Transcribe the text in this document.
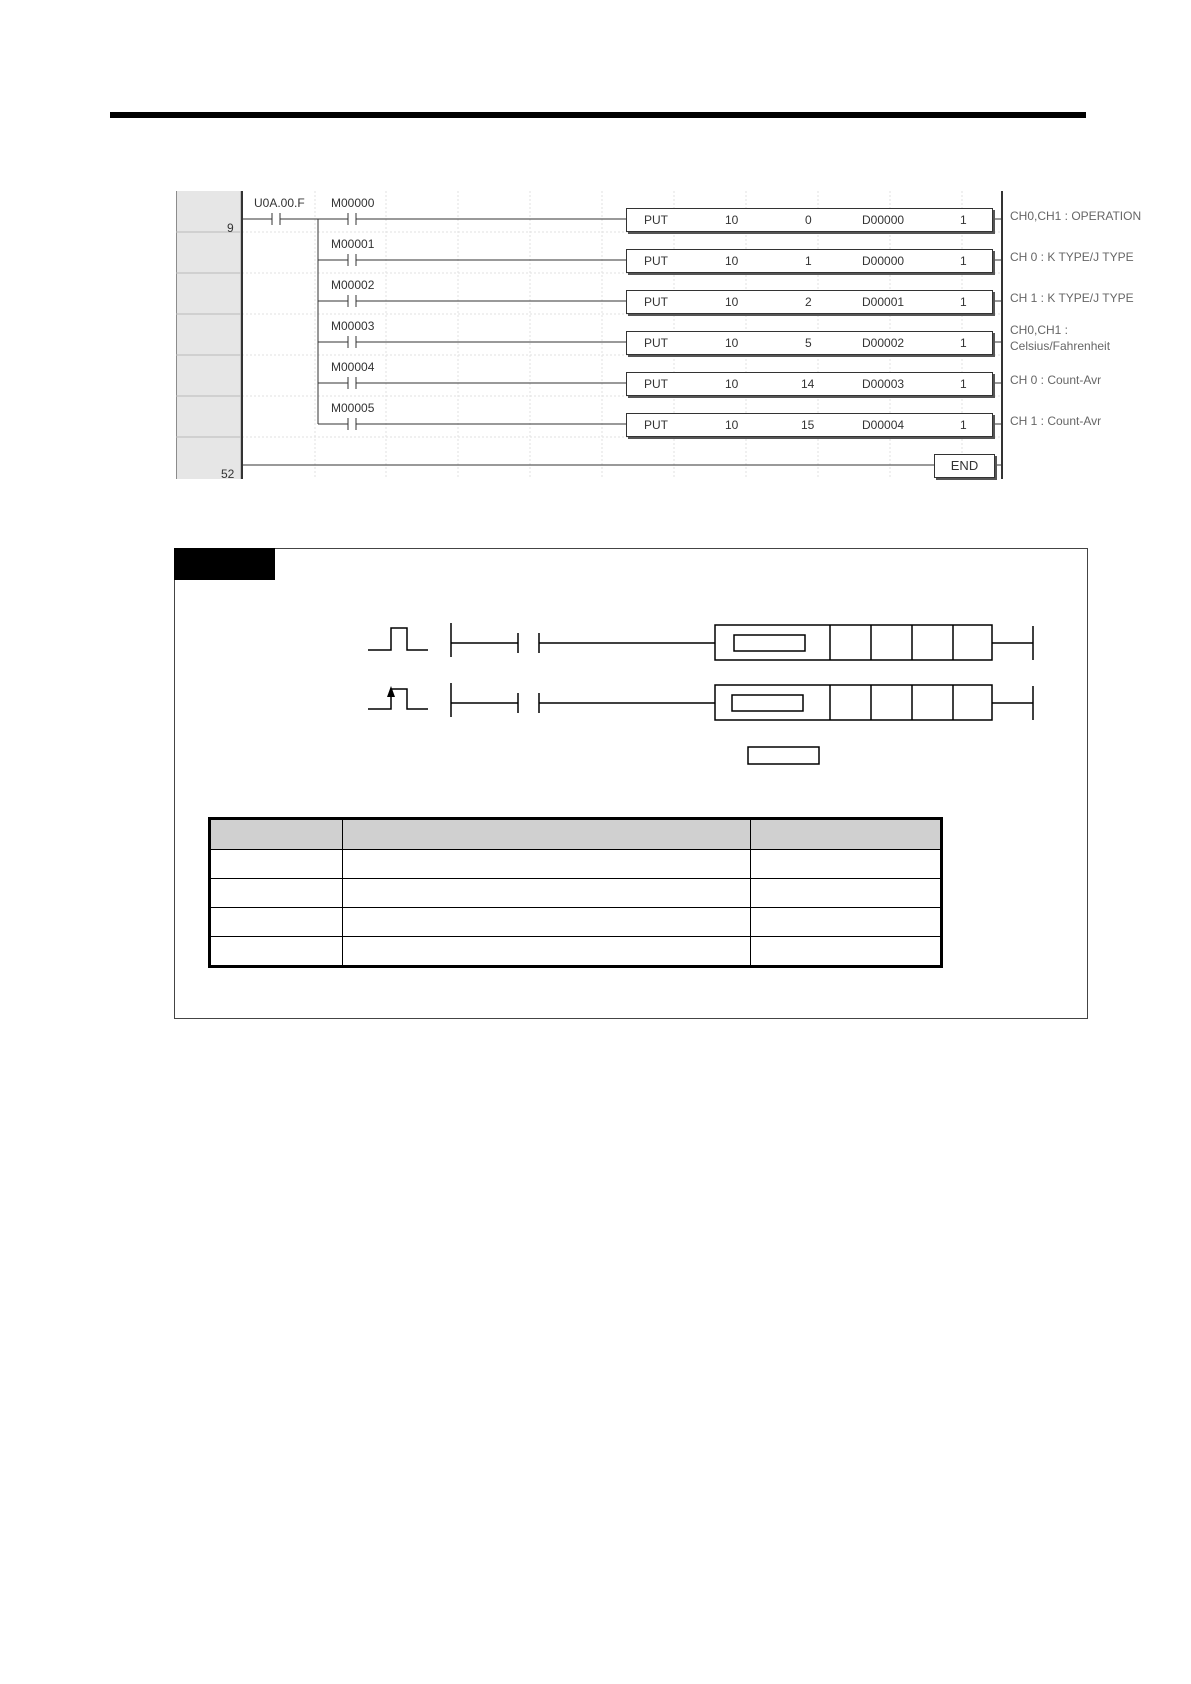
9
52
U0A.00.F M00000
M00001
M00002
M00003
M00004
M00005
PUT	10	0	D00000	1
PUT	10	1	D00000	1
PUT	10	2	D00001	1
PUT	10	5	D00002	1
PUT	10	14	D00003	1
PUT	10	15	D00004	1
END
CH0,CH1 : OPERATION
CH 0 : K TYPE/J TYPE
CH 1 : K TYPE/J TYPE
CH0,CH1 :
Celsius/Fahrenheit
CH 0 : Count-Avr
CH 1 : Count-Avr
